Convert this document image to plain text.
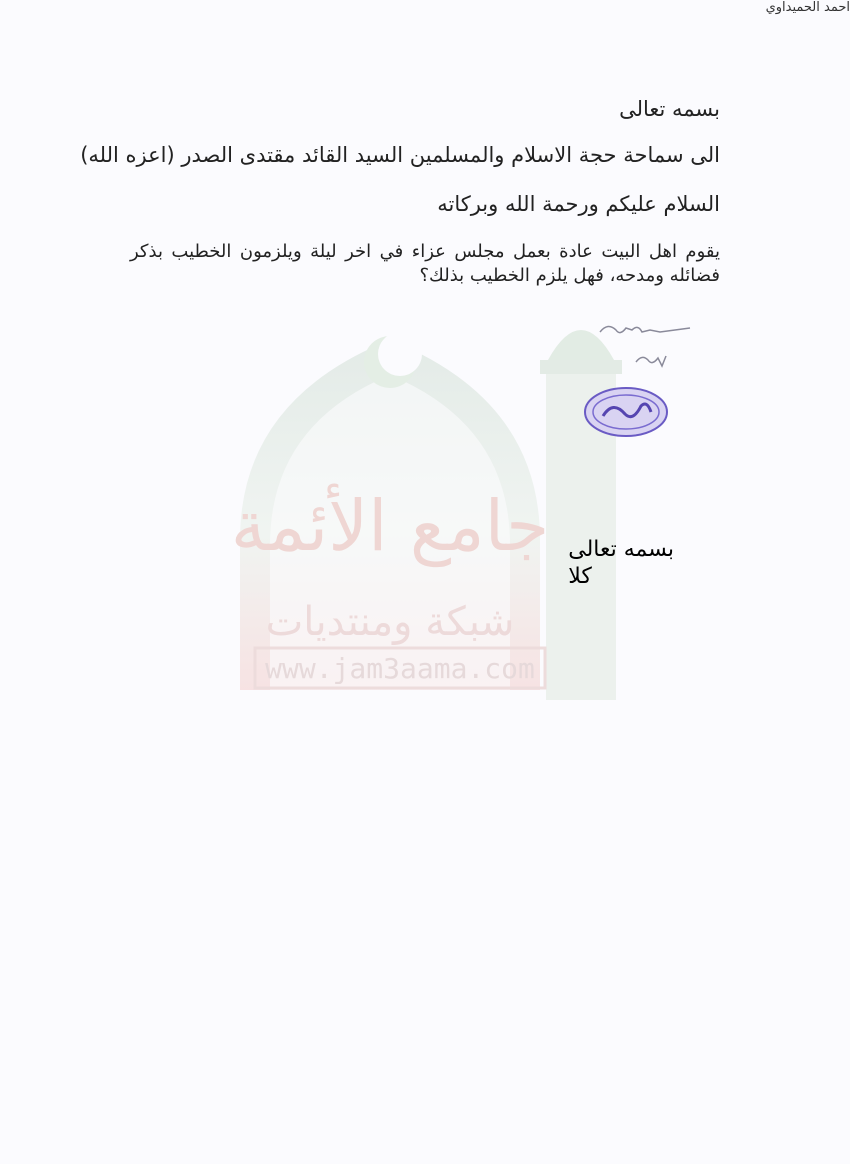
جامع الأئمة
شبكة ومنتديات
www.jam3aama.com
بسمه تعالى
الى سماحة حجة الاسلام والمسلمين السيد القائد مقتدى الصدر (اعزه الله)
السلام عليكم ورحمة الله وبركاته
يقوم اهل البيت عادة بعمل مجلس عزاء في اخر ليلة ويلزمون الخطيب بذكر فضائله ومدحه، فهل يلزم الخطيب بذلك؟
احمد الحميداوي
بسمه تعالى
كلا
